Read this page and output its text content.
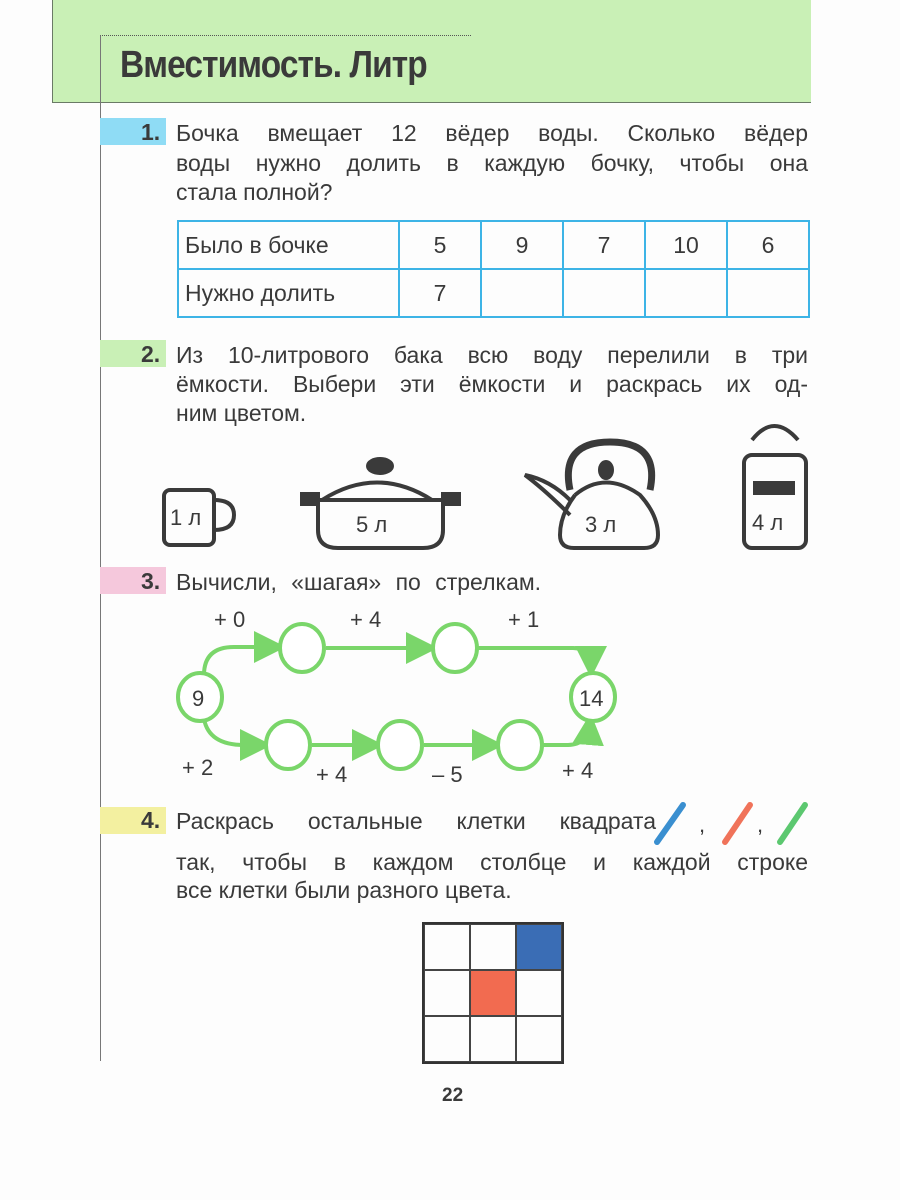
Вместимость. Литр
1. Бочка вмещает 12 вёдер воды. Сколько вёдер
воды нужно долить в каждую бочку, чтобы она
стала полной?
Было в бочке	5	9	7	10	6
Нужно долить	7				
2. Из 10-литрового бака всю воду перелили в три
ёмкости. Выбери эти ёмкости и раскрась их од-
ним цветом.
1 л	5 л	3 л	4 л
3. Вычисли, «шагая» по стрелкам.
9	14
+ 0	+ 4	+ 1
+ 2	+ 4	– 5	+ 4
4. Раскрась остальные клетки квадрата , ,
так, чтобы в каждом столбце и каждой строке
все клетки были разного цвета.
22
